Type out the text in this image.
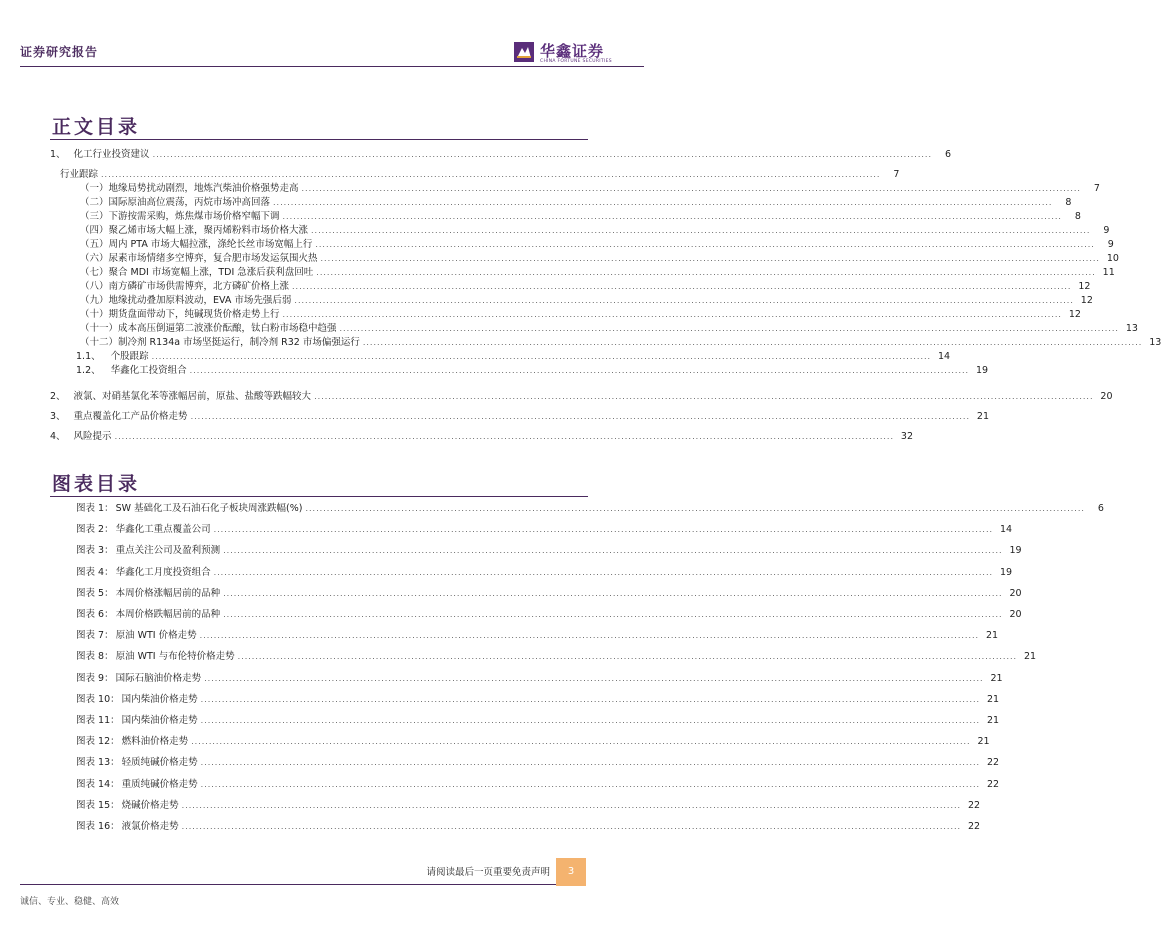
证券研究报告	华鑫证券
CHINA FORTUNE SECURITIES
正文目录
1、 化工行业投资建议 ............................................................................................................................................................................................................................	6
行业跟踪 ............................................................................................................................................................................................................................	7
（一）地缘局势扰动剧烈，地炼汽柴油价格强势走高 ............................................................................................................................................................................................................................	7
（二）国际原油高位震荡，丙烷市场冲高回落 ............................................................................................................................................................................................................................	8
（三）下游按需采购，炼焦煤市场价格窄幅下调 ............................................................................................................................................................................................................................	8
（四）聚乙烯市场大幅上涨，聚丙烯粉料市场价格大涨 ............................................................................................................................................................................................................................	9
（五）周内 PTA 市场大幅拉涨，涤纶长丝市场宽幅上行 ............................................................................................................................................................................................................................	9
（六）尿素市场情绪多空博弈，复合肥市场发运氛围火热 ............................................................................................................................................................................................................................ 10
（七）聚合 MDI 市场宽幅上涨，TDI 急涨后获利盘回吐 ............................................................................................................................................................................................................................ 11
（八）南方磷矿市场供需博弈，北方磷矿价格上涨 ............................................................................................................................................................................................................................ 12
（九）地缘扰动叠加原料波动，EVA 市场先强后弱 ............................................................................................................................................................................................................................ 12
（十）期货盘面带动下，纯碱现货价格走势上行 ............................................................................................................................................................................................................................ 12
（十一）成本高压倒逼第二波涨价酝酿，钛白粉市场稳中趋强 ............................................................................................................................................................................................................................ 13
（十二）制冷剂 R134a 市场坚挺运行，制冷剂 R32 市场偏强运行 ............................................................................................................................................................................................................................ 13
1.1、 个股跟踪 ............................................................................................................................................................................................................................ 14
1.2、 华鑫化工投资组合 ............................................................................................................................................................................................................................ 19
2、 液氯、对硝基氯化苯等涨幅居前，原盐、盐酸等跌幅较大 ............................................................................................................................................................................................................................ 20
3、 重点覆盖化工产品价格走势 ............................................................................................................................................................................................................................ 21
4、 风险提示 ............................................................................................................................................................................................................................ 32
图表目录
图表 1： SW 基础化工及石油石化子板块周涨跌幅(%) ............................................................................................................................................................................................................................	6
图表 2： 华鑫化工重点覆盖公司 ............................................................................................................................................................................................................................ 14
图表 3： 重点关注公司及盈利预测 ............................................................................................................................................................................................................................ 19
图表 4： 华鑫化工月度投资组合 ............................................................................................................................................................................................................................ 19
图表 5： 本周价格涨幅居前的品种 ............................................................................................................................................................................................................................ 20
图表 6： 本周价格跌幅居前的品种 ............................................................................................................................................................................................................................ 20
图表 7： 原油 WTI 价格走势 ............................................................................................................................................................................................................................ 21
图表 8： 原油 WTI 与布伦特价格走势 ............................................................................................................................................................................................................................ 21
图表 9： 国际石脑油价格走势 ............................................................................................................................................................................................................................ 21
图表 10： 国内柴油价格走势 ............................................................................................................................................................................................................................ 21
图表 11： 国内柴油价格走势 ............................................................................................................................................................................................................................ 21
图表 12： 燃料油价格走势 ............................................................................................................................................................................................................................ 21
图表 13： 轻质纯碱价格走势 ............................................................................................................................................................................................................................ 22
图表 14： 重质纯碱价格走势 ............................................................................................................................................................................................................................ 22
图表 15： 烧碱价格走势 ............................................................................................................................................................................................................................ 22
图表 16： 液氯价格走势 ............................................................................................................................................................................................................................ 22
请阅读最后一页重要免责声明	3
诚信、专业、稳健、高效
